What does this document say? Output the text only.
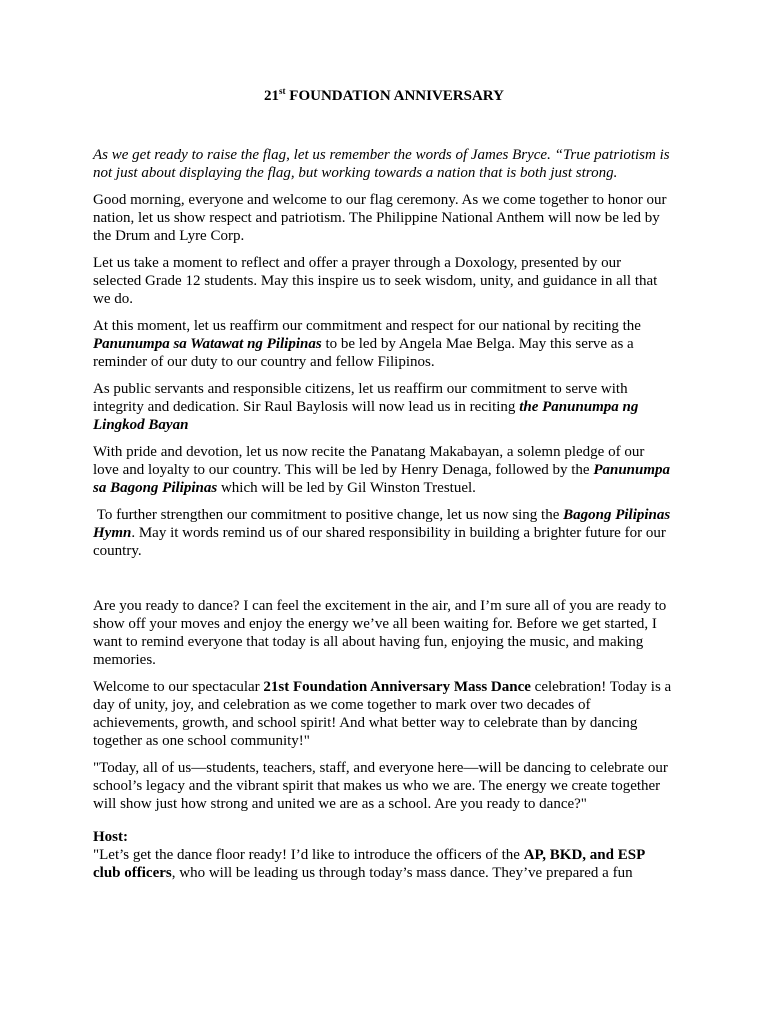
21st FOUNDATION ANNIVERSARY

As we get ready to raise the flag, let us remember the words of James Bryce. “True patriotism is not just about displaying the flag, but working towards a nation that is both just strong.

Good morning, everyone and welcome to our flag ceremony. As we come together to honor our nation, let us show respect and patriotism. The Philippine National Anthem will now be led by the Drum and Lyre Corp.

Let us take a moment to reflect and offer a prayer through a Doxology, presented by our selected Grade 12 students. May this inspire us to seek wisdom, unity, and guidance in all that we do.

At this moment, let us reaffirm our commitment and respect for our national by reciting the Panunumpa sa Watawat ng Pilipinas to be led by Angela Mae Belga. May this serve as a reminder of our duty to our country and fellow Filipinos.

As public servants and responsible citizens, let us reaffirm our commitment to serve with integrity and dedication. Sir Raul Baylosis will now lead us in reciting the Panunumpa ng Lingkod Bayan

With pride and devotion, let us now recite the Panatang Makabayan, a solemn pledge of our love and loyalty to our country. This will be led by Henry Denaga, followed by the Panunumpa sa Bagong Pilipinas which will be led by Gil Winston Trestuel.

To further strengthen our commitment to positive change, let us now sing the Bagong Pilipinas Hymn. May it words remind us of our shared responsibility in building a brighter future for our country.

Are you ready to dance? I can feel the excitement in the air, and I’m sure all of you are ready to show off your moves and enjoy the energy we’ve all been waiting for. Before we get started, I want to remind everyone that today is all about having fun, enjoying the music, and making memories.

Welcome to our spectacular 21st Foundation Anniversary Mass Dance celebration! Today is a day of unity, joy, and celebration as we come together to mark over two decades of achievements, growth, and school spirit! And what better way to celebrate than by dancing together as one school community!"

"Today, all of us—students, teachers, staff, and everyone here—will be dancing to celebrate our school’s legacy and the vibrant spirit that makes us who we are. The energy we create together will show just how strong and united we are as a school. Are you ready to dance?"

Host:

"Let’s get the dance floor ready! I’d like to introduce the officers of the AP, BKD, and ESP club officers, who will be leading us through today’s mass dance. They’ve prepared a fun
